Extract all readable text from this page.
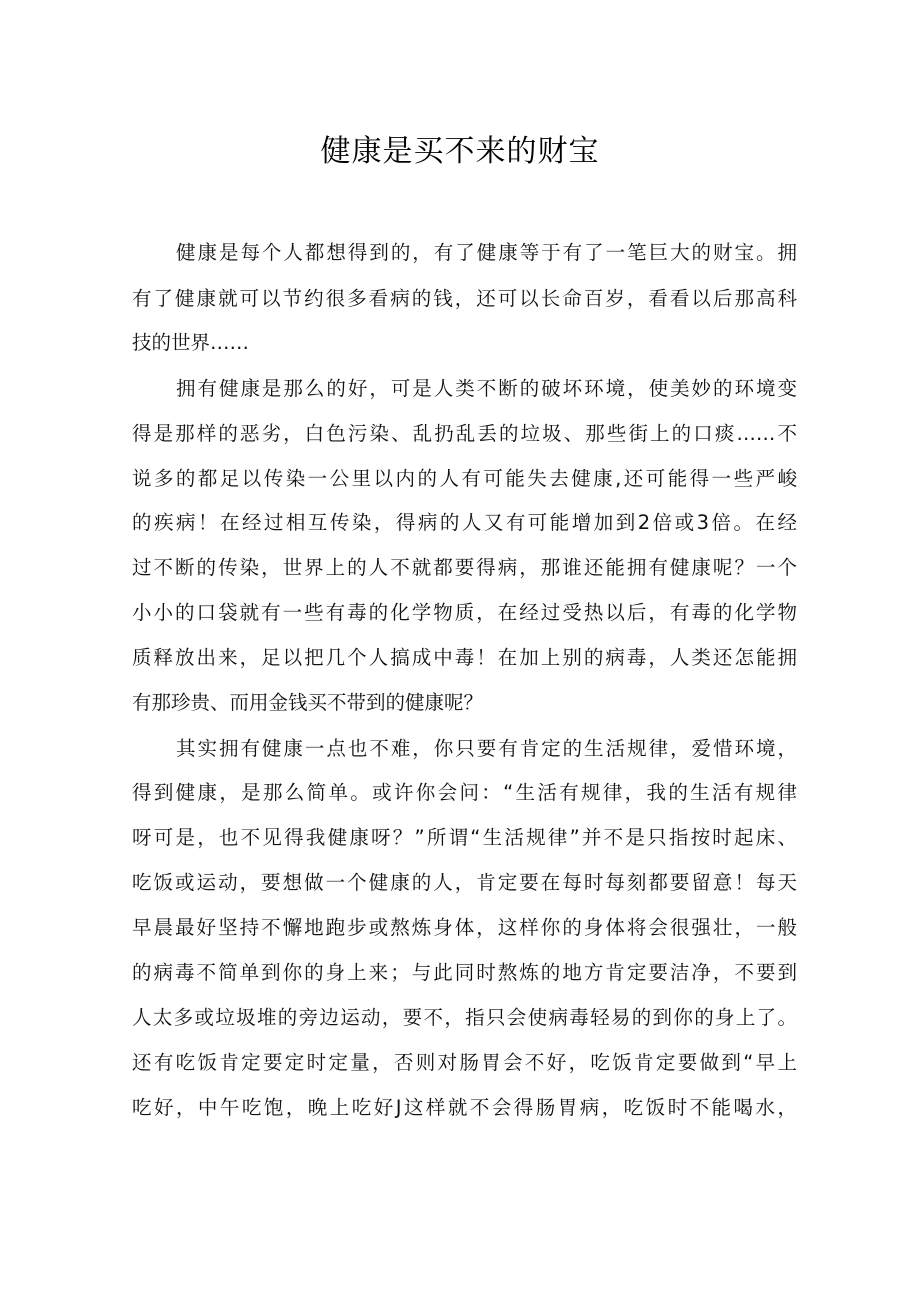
健康是买不来的财宝

健康是每个人都想得到的，有了健康等于有了一笔巨大的财宝。拥

有了健康就可以节约很多看病的钱，还可以长命百岁，看看以后那高科

技的世界……

拥有健康是那么的好，可是人类不断的破坏环境，使美妙的环境变

得是那样的恶劣，白色污染、乱扔乱丢的垃圾、那些街上的口痰……不

说多的都足以传染一公里以内的人有可能失去健康,还可能得一些严峻

的疾病！在经过相互传染，得病的人又有可能增加到2倍或3倍。在经

过不断的传染，世界上的人不就都要得病，那谁还能拥有健康呢？一个

小小的口袋就有一些有毒的化学物质，在经过受热以后，有毒的化学物

质释放出来，足以把几个人搞成中毒！在加上别的病毒，人类还怎能拥

有那珍贵、而用金钱买不带到的健康呢？

其实拥有健康一点也不难，你只要有肯定的生活规律，爱惜环境，

得到健康，是那么简单。或许你会问：“生活有规律，我的生活有规律

呀可是，也不见得我健康呀？”所谓“生活规律”并不是只指按时起床、

吃饭或运动，要想做一个健康的人，肯定要在每时每刻都要留意！每天

早晨最好坚持不懈地跑步或熬炼身体，这样你的身体将会很强壮，一般

的病毒不简单到你的身上来；与此同时熬炼的地方肯定要洁净，不要到

人太多或垃圾堆的旁边运动，要不，指只会使病毒轻易的到你的身上了。

还有吃饭肯定要定时定量，否则对肠胃会不好，吃饭肯定要做到“早上

吃好，中午吃饱，晚上吃好J这样就不会得肠胃病，吃饭时不能喝水，
